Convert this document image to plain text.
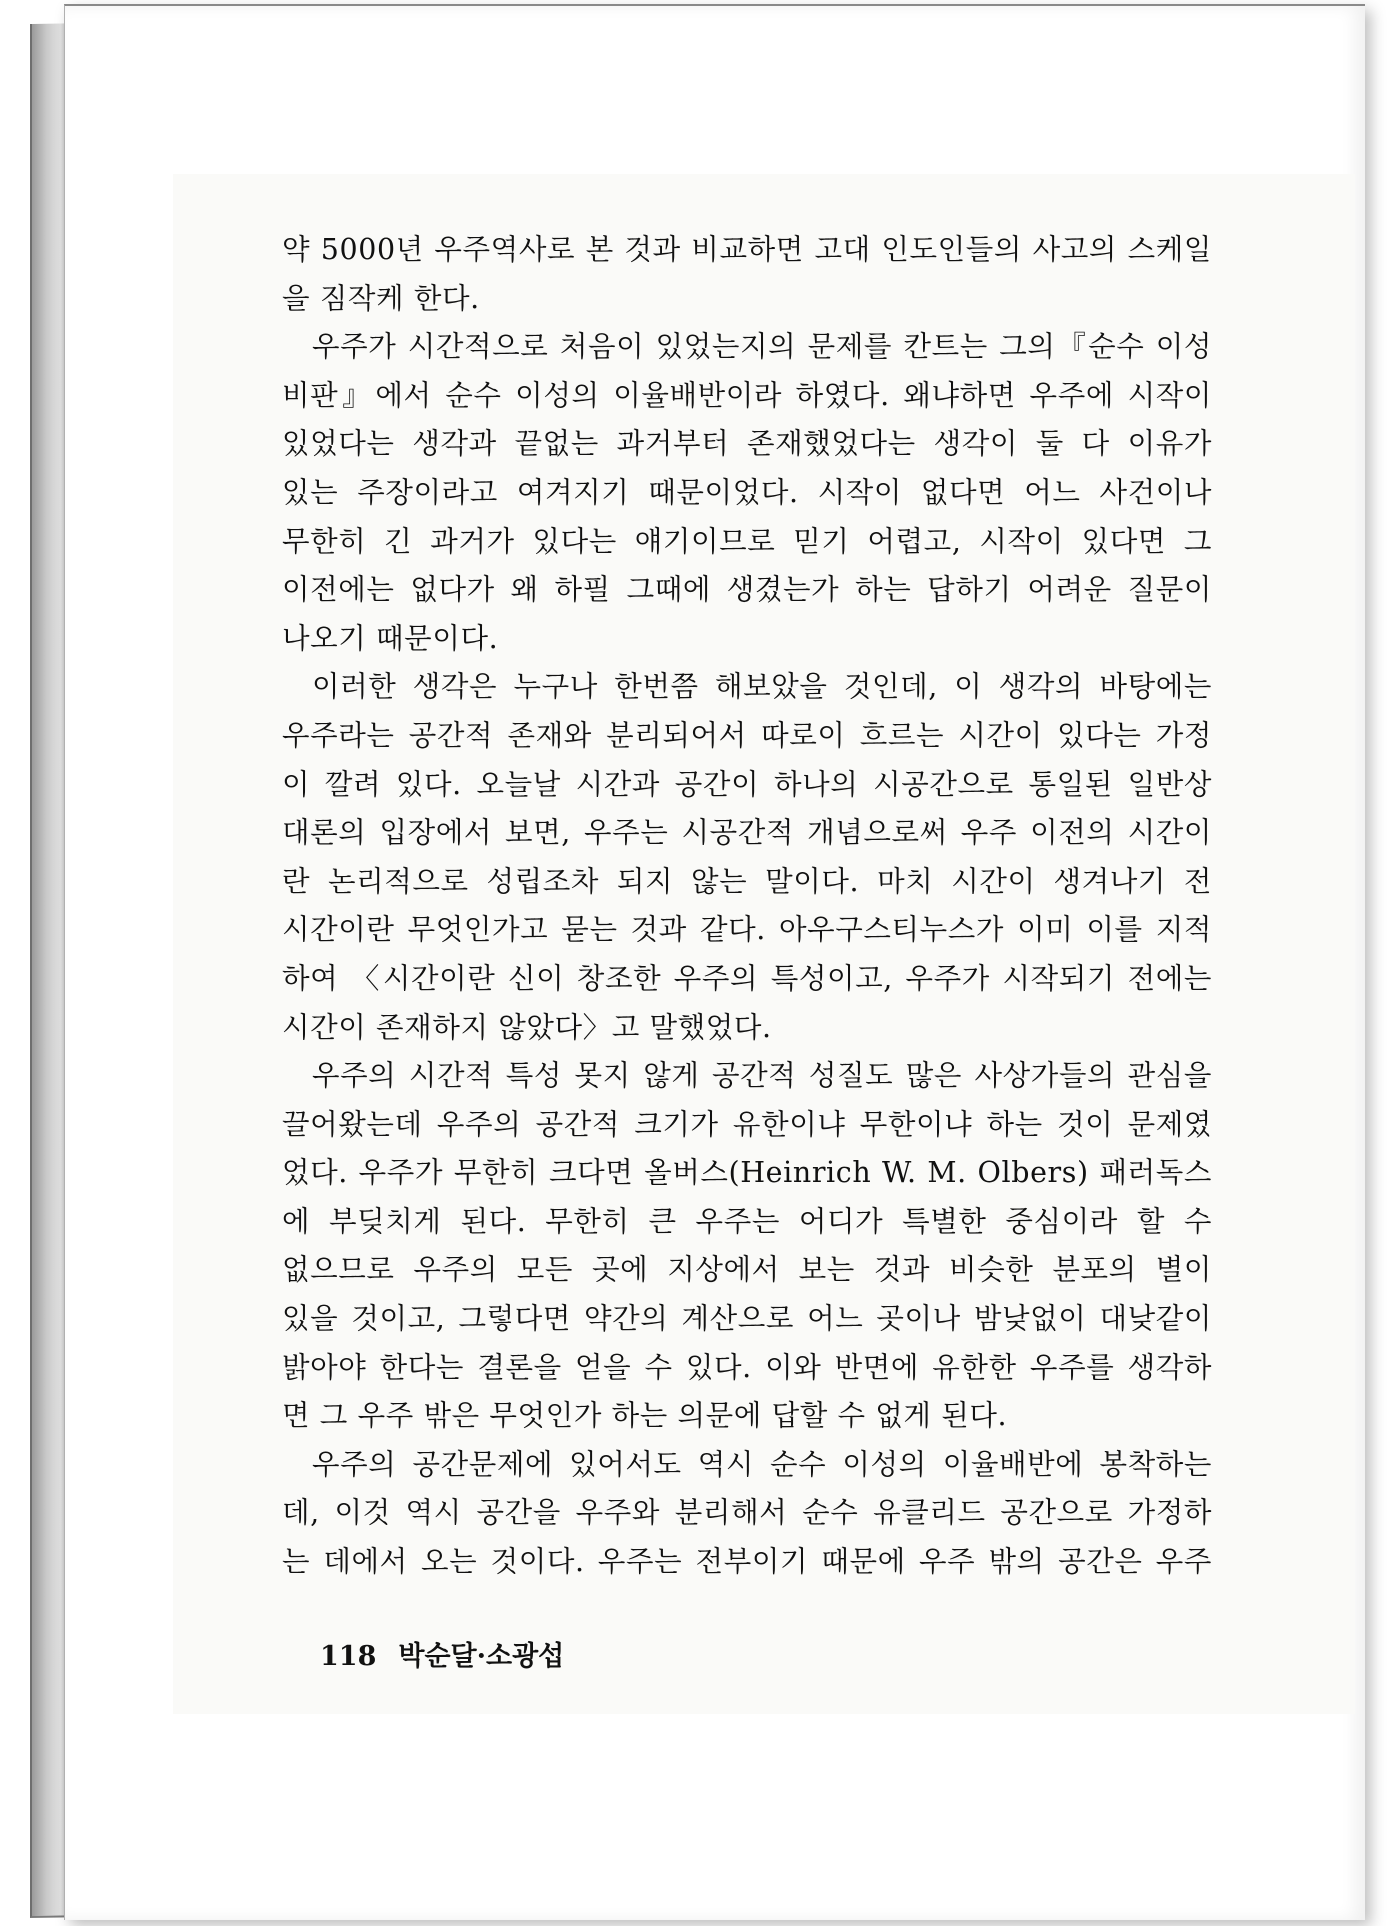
약 5000년 우주역사로 본 것과 비교하면 고대 인도인들의 사고의 스케일
을 짐작케 한다.
우주가 시간적으로 처음이 있었는지의 문제를 칸트는 그의『순수 이성
비판』에서 순수 이성의 이율배반이라 하였다. 왜냐하면 우주에 시작이
있었다는 생각과 끝없는 과거부터 존재했었다는 생각이 둘 다 이유가
있는 주장이라고 여겨지기 때문이었다. 시작이 없다면 어느 사건이나
무한히 긴 과거가 있다는 얘기이므로 믿기 어렵고, 시작이 있다면 그
이전에는 없다가 왜 하필 그때에 생겼는가 하는 답하기 어려운 질문이
나오기 때문이다.
이러한 생각은 누구나 한번쯤 해보았을 것인데, 이 생각의 바탕에는
우주라는 공간적 존재와 분리되어서 따로이 흐르는 시간이 있다는 가정
이 깔려 있다. 오늘날 시간과 공간이 하나의 시공간으로 통일된 일반상
대론의 입장에서 보면, 우주는 시공간적 개념으로써 우주 이전의 시간이
란 논리적으로 성립조차 되지 않는 말이다. 마치 시간이 생겨나기 전
시간이란 무엇인가고 묻는 것과 같다. 아우구스티누스가 이미 이를 지적
하여 〈시간이란 신이 창조한 우주의 특성이고, 우주가 시작되기 전에는
시간이 존재하지 않았다〉고 말했었다.
우주의 시간적 특성 못지 않게 공간적 성질도 많은 사상가들의 관심을
끌어왔는데 우주의 공간적 크기가 유한이냐 무한이냐 하는 것이 문제였
었다. 우주가 무한히 크다면 올버스(Heinrich W. M. Olbers) 패러독스
에 부딪치게 된다. 무한히 큰 우주는 어디가 특별한 중심이라 할 수
없으므로 우주의 모든 곳에 지상에서 보는 것과 비슷한 분포의 별이
있을 것이고, 그렇다면 약간의 계산으로 어느 곳이나 밤낮없이 대낮같이
밝아야 한다는 결론을 얻을 수 있다. 이와 반면에 유한한 우주를 생각하
면 그 우주 밖은 무엇인가 하는 의문에 답할 수 없게 된다.
우주의 공간문제에 있어서도 역시 순수 이성의 이율배반에 봉착하는
데, 이것 역시 공간을 우주와 분리해서 순수 유클리드 공간으로 가정하
는 데에서 오는 것이다. 우주는 전부이기 때문에 우주 밖의 공간은 우주
118 박순달·소광섭
